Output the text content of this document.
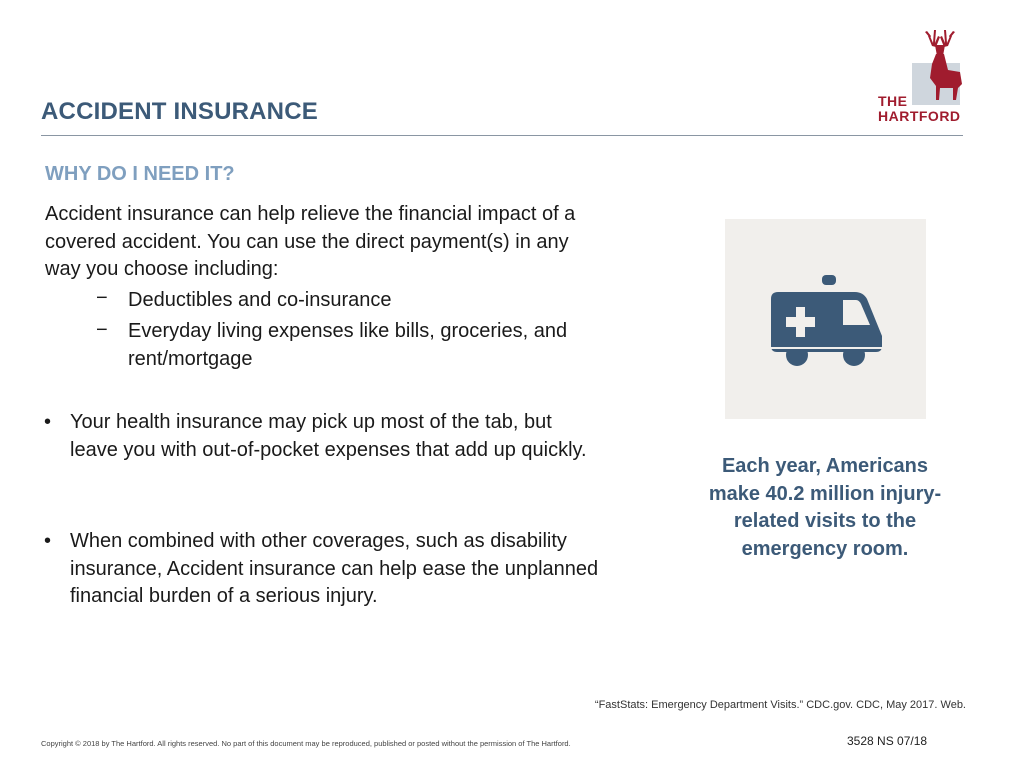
THE
HARTFORD
ACCIDENT INSURANCE
WHY DO I NEED IT?
Accident insurance can help relieve the financial impact of a covered accident. You can use the direct payment(s) in any way you choose including:
− Deductibles and co-insurance
− Everyday living expenses like bills, groceries, and rent/mortgage
• Your health insurance may pick up most of the tab, but leave you with out-of-pocket expenses that add up quickly.
• When combined with other coverages, such as disability insurance, Accident insurance can help ease the unplanned financial burden of a serious injury.
Each year, Americans make 40.2 million injury-related visits to the emergency room.
“FastStats: Emergency Department Visits.” CDC.gov. CDC, May 2017. Web.
Copyright © 2018 by The Hartford. All rights reserved. No part of this document may be reproduced, published or posted without the permission of The Hartford.	3528 NS 07/18
